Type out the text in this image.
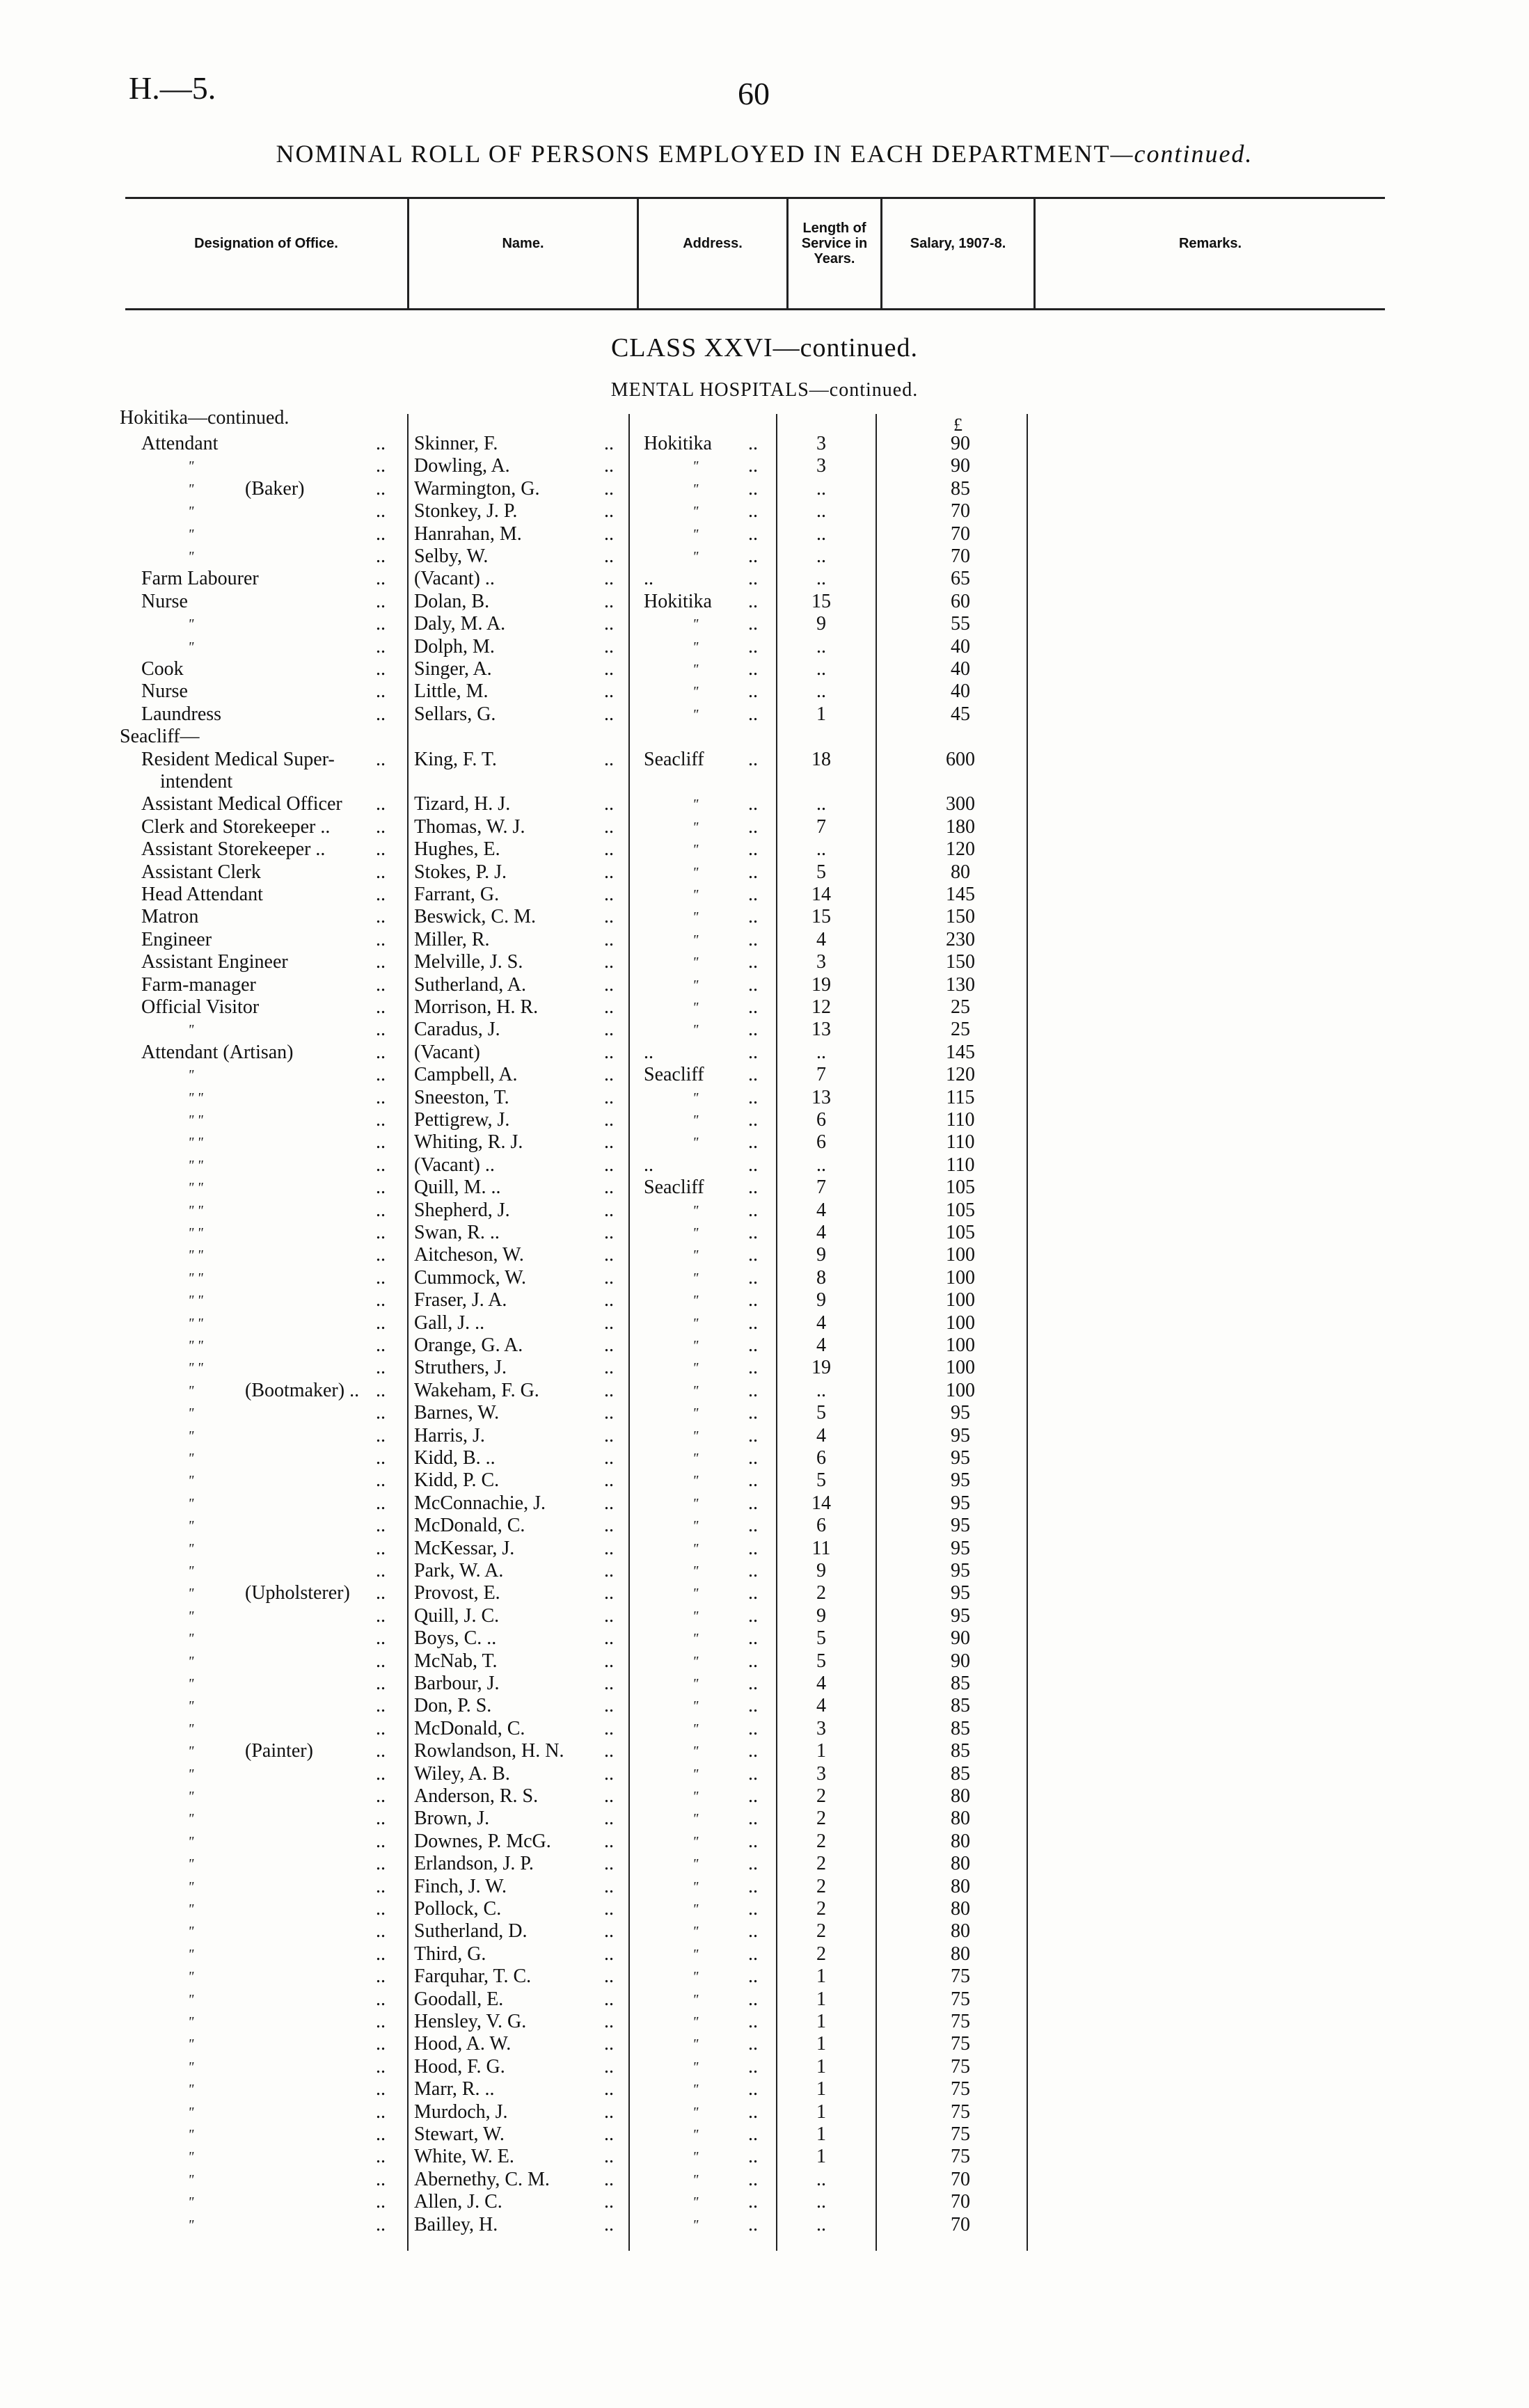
H.—5.	60
NOMINAL ROLL OF PERSONS EMPLOYED IN EACH DEPARTMENT—continued.
Designation of Office.	Name.	Address.
Length of Service in Years.
Salary, 1907-8.	Remarks.
CLASS XXVI—continued.
MENTAL HOSPITALS—continued.
Hokitika—continued.	£
Attendant	.. Skinner, F.	.. Hokitika ..	3	90
"	.. Dowling, A.	..	"	..	3	90
"	(Baker)	.. Warmington, G.	..	"	..	..	85
"	.. Stonkey, J. P.	..	"	..	..	70
"	.. Hanrahan, M.	..	"	..	..	70
"	.. Selby, W.	..	"	..	..	70
Farm Labourer	.. (Vacant) ..	.. ..	..	..	65
Nurse	.. Dolan, B.	.. Hokitika ..	15	60
"	.. Daly, M. A.	..	"	..	9	55
"	.. Dolph, M.	..	"	..	..	40
Cook	.. Singer, A.	..	"	..	..	40
Nurse	.. Little, M.	..	"	..	..	40
Laundress	.. Sellars, G.	..	"	..	1	45
Seacliff—
Resident Medical Super- .. King, F. T.	.. Seacliff ..	18	600
intendent
Assistant Medical Officer .. Tizard, H. J.	..	"	..	..	300
Clerk and Storekeeper .. .. Thomas, W. J.	..	"	..	7	180
Assistant Storekeeper ..	.. Hughes, E.	..	"	..	..	120
Assistant Clerk	.. Stokes, P. J.	..	"	..	5	80
Head Attendant	.. Farrant, G.	..	"	..	14	145
Matron	.. Beswick, C. M.	..	"	..	15	150
Engineer	.. Miller, R.	..	"	..	4	230
Assistant Engineer	.. Melville, J. S.	..	"	..	3	150
Farm-manager	.. Sutherland, A.	..	"	..	19	130
Official Visitor	.. Morrison, H. R.	..	"	..	12	25
"	.. Caradus, J.	..	"	..	13	25
Attendant (Artisan)	.. (Vacant)	.. ..	..	..	145
"	.. Campbell, A.	.. Seacliff ..	7	120
" "	.. Sneeston, T.	..	"	..	13	115
" "	.. Pettigrew, J.	..	"	..	6	110
" "	.. Whiting, R. J.	..	"	..	6	110
" "	.. (Vacant) ..	.. ..	..	..	110
" "	.. Quill, M. ..	.. Seacliff ..	7	105
" "	.. Shepherd, J.	..	"	..	4	105
" "	.. Swan, R. ..	..	"	..	4	105
" "	.. Aitcheson, W.	..	"	..	9	100
" "	.. Cummock, W.	..	"	..	8	100
" "	.. Fraser, J. A.	..	"	..	9	100
" "	.. Gall, J. ..	..	"	..	4	100
" "	.. Orange, G. A.	..	"	..	4	100
" "	.. Struthers, J.	..	"	..	19	100
"	(Bootmaker) .. .. Wakeham, F. G.	..	"	..	..	100
"	.. Barnes, W.	..	"	..	5	95
"	.. Harris, J.	..	"	..	4	95
"	.. Kidd, B. ..	..	"	..	6	95
"	.. Kidd, P. C.	..	"	..	5	95
"	.. McConnachie, J.	..	"	..	14	95
"	.. McDonald, C.	..	"	..	6	95
"	.. McKessar, J.	..	"	..	11	95
"	.. Park, W. A.	..	"	..	9	95
"	(Upholsterer) .. Provost, E.	..	"	..	2	95
"	.. Quill, J. C.	..	"	..	9	95
"	.. Boys, C. ..	..	"	..	5	90
"	.. McNab, T.	..	"	..	5	90
"	.. Barbour, J.	..	"	..	4	85
"	.. Don, P. S.	..	"	..	4	85
"	.. McDonald, C.	..	"	..	3	85
"	(Painter)	.. Rowlandson, H. N. ..	"	..	1	85
"	.. Wiley, A. B.	..	"	..	3	85
"	.. Anderson, R. S.	..	"	..	2	80
"	.. Brown, J.	..	"	..	2	80
"	.. Downes, P. McG.	..	"	..	2	80
"	.. Erlandson, J. P.	..	"	..	2	80
"	.. Finch, J. W.	..	"	..	2	80
"	.. Pollock, C.	..	"	..	2	80
"	.. Sutherland, D.	..	"	..	2	80
"	.. Third, G.	..	"	..	2	80
"	.. Farquhar, T. C.	..	"	..	1	75
"	.. Goodall, E.	..	"	..	1	75
"	.. Hensley, V. G.	..	"	..	1	75
"	.. Hood, A. W.	..	"	..	1	75
"	.. Hood, F. G.	..	"	..	1	75
"	.. Marr, R. ..	..	"	..	1	75
"	.. Murdoch, J.	..	"	..	1	75
"	.. Stewart, W.	..	"	..	1	75
"	.. White, W. E.	..	"	..	1	75
"	.. Abernethy, C. M.	..	"	..	..	70
"	.. Allen, J. C.	..	"	..	..	70
"	.. Bailley, H.	..	"	..	..	70
